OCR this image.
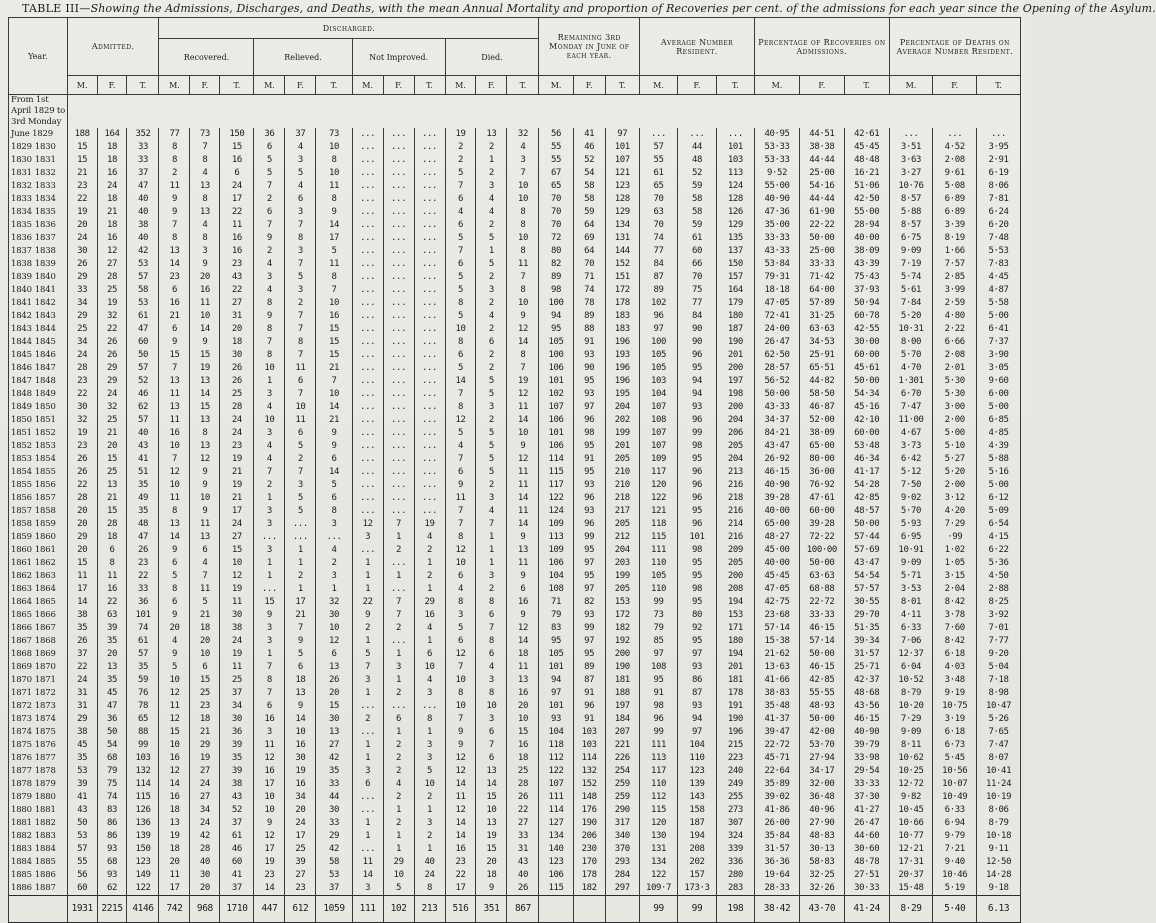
TABLE III—Showing the Admissions, Discharges, and Deaths, with the mean Annual Mortality and proportion of Recoveries per cent. of the admissions for each year since the Opening of the Asylum.
Year.	Admitted.			Discharged.												Remaining 3rd Monday in June of each year.			Average Number Resident.			Percentage of Recoveries on Admissions.			Percentage of Deaths on Average Number Resident.		
				Recovered.			Relieved.			Not Improved.			Died.														
	M.	F.	T.	M.	F.	T.	M.	F.	T.	M.	F.	T.	M.	F.	T.	M.	F.	T.	M.	F.	T.	M.	F.	T.	M.	F.	T.
From 1st																											
April 1829 to																											
3rd Monday																											
June 1829	188	164	352	77	73	150	36	37	73	...	...	...	19	13	32	56	41	97	...	...	...	40·95	44·51	42·61	...	...	...
1829 1830	15	18	33	8	7	15	6	4	10	...	...	...	2	2	4	55	46	101	57	44	101	53·33	38·38	45·45	3·51	4·52	3·95
1830 1831	15	18	33	8	8	16	5	3	8	...	...	...	2	1	3	55	52	107	55	48	103	53·33	44·44	48·48	3·63	2·08	2·91
1831 1832	21	16	37	2	4	6	5	5	10	...	...	...	5	2	7	67	54	121	61	52	113	9·52	25·00	16·21	3·27	9·61	6·19
1832 1833	23	24	47	11	13	24	7	4	11	...	...	...	7	3	10	65	58	123	65	59	124	55·00	54·16	51·06	10·76	5·08	8·06
1833 1834	22	18	40	9	8	17	2	6	8	...	...	...	6	4	10	70	58	128	70	58	128	40·90	44·44	42·50	8·57	6·89	7·81
1834 1835	19	21	40	9	13	22	6	3	9	...	...	...	4	4	8	70	59	129	63	58	126	47·36	61·90	55·00	5·88	6·89	6·24
1835 1836	20	18	38	7	4	11	7	7	14	...	...	...	6	2	8	70	64	134	70	59	129	35·00	22·22	28·94	8·57	3·39	6·20
1836 1837	24	16	40	8	8	16	9	8	17	...	...	...	5	5	10	72	69	131	74	61	135	33·33	50·00	40·00	6·75	8·19	7·48
1837 1838	30	12	42	13	3	16	2	3	5	...	...	...	7	1	8	80	64	144	77	60	137	43·33	25·00	38·09	9·09	1·66	5·53
1838 1839	26	27	53	14	9	23	4	7	11	...	...	...	6	5	11	82	70	152	84	66	150	53·84	33·33	43·39	7·19	7·57	7·83
1839 1840	29	28	57	23	20	43	3	5	8	...	...	...	5	2	7	89	71	151	87	70	157	79·31	71·42	75·43	5·74	2·85	4·45
1840 1841	33	25	58	6	16	22	4	3	7	...	...	...	5	3	8	98	74	172	89	75	164	18·18	64·00	37·93	5·61	3·99	4·87
1841 1842	34	19	53	16	11	27	8	2	10	...	...	...	8	2	10	100	78	178	102	77	179	47·05	57·89	50·94	7·84	2·59	5·58
1842 1843	29	32	61	21	10	31	9	7	16	...	...	...	5	4	9	94	89	183	96	84	180	72·41	31·25	60·78	5·20	4·80	5·00
1843 1844	25	22	47	6	14	20	8	7	15	...	...	...	10	2	12	95	88	183	97	90	187	24·00	63·63	42·55	10·31	2·22	6·41
1844 1845	34	26	60	9	9	18	7	8	15	...	...	...	8	6	14	105	91	196	100	90	190	26·47	34·53	30·00	8·00	6·66	7·37
1845 1846	24	26	50	15	15	30	8	7	15	...	...	...	6	2	8	100	93	193	105	96	201	62·50	25·91	60·00	5·70	2·08	3·90
1846 1847	28	29	57	7	19	26	10	11	21	...	...	...	5	2	7	106	90	196	105	95	200	28·57	65·51	45·61	4·70	2·01	3·05
1847 1848	23	29	52	13	13	26	1	6	7	...	...	...	14	5	19	101	95	196	103	94	197	56·52	44·82	50·00	1·301	5·30	9·60
1848 1849	22	24	46	11	14	25	3	7	10	...	...	...	7	5	12	102	93	195	104	94	198	50·00	58·50	54·34	6·70	5·30	6·00
1849 1850	30	32	62	13	15	28	4	10	14	...	...	...	8	3	11	107	97	204	107	93	200	43·33	46·87	45·16	7·47	3·00	5·00
1850 1851	32	25	57	11	13	24	10	11	21	...	...	...	12	2	14	106	96	202	108	96	204	34·37	52·00	42·10	11·00	2·00	6·85
1851 1852	19	21	40	16	8	24	3	6	9	...	...	...	5	5	10	101	98	199	107	99	206	84·21	38·09	60·00	4·67	5·00	4·85
1852 1853	23	20	43	10	13	23	4	5	9	...	...	...	4	5	9	106	95	201	107	98	205	43·47	65·00	53·48	3·73	5·10	4·39
1853 1854	26	15	41	7	12	19	4	2	6	...	...	...	7	5	12	114	91	205	109	95	204	26·92	80·00	46·34	6·42	5·27	5·88
1854 1855	26	25	51	12	9	21	7	7	14	...	...	...	6	5	11	115	95	210	117	96	213	46·15	36·00	41·17	5·12	5·20	5·16
1855 1856	22	13	35	10	9	19	2	3	5	...	...	...	9	2	11	117	93	210	120	96	216	40·90	76·92	54·28	7·50	2·00	5·00
1856 1857	28	21	49	11	10	21	1	5	6	...	...	...	11	3	14	122	96	218	122	96	218	39·28	47·61	42·85	9·02	3·12	6·12
1857 1858	20	15	35	8	9	17	3	5	8	...	...	...	7	4	11	124	93	217	121	95	216	40·00	60·00	48·57	5·70	4·20	5·09
1858 1859	20	28	48	13	11	24	3	...	3	12	7	19	7	7	14	109	96	205	118	96	214	65·00	39·28	50·00	5·93	7·29	6·54
1859 1860	29	18	47	14	13	27	...	...	...	3	1	4	8	1	9	113	99	212	115	101	216	48·27	72·22	57·44	6·95	·99	4·15
1860 1861	20	6	26	9	6	15	3	1	4	...	2	2	12	1	13	109	95	204	111	98	209	45·00	100·00	57·69	10·91	1·02	6·22
1861 1862	15	8	23	6	4	10	1	1	2	1	...	1	10	1	11	106	97	203	110	95	205	40·00	50·00	43·47	9·09	1·05	5·36
1862 1863	11	11	22	5	7	12	1	2	3	1	1	2	6	3	9	104	95	199	105	95	200	45·45	63·63	54·54	5·71	3·15	4·50
1863 1864	17	16	33	8	11	19	...	1	1	1	...	1	4	2	6	108	97	205	110	98	208	47·05	68·88	57·57	3·53	2·04	2·88
1864 1865	14	22	36	6	5	11	15	17	32	22	7	29	8	8	16	71	82	153	99	95	194	42·75	22·72	30·55	8·01	8·42	8·25
1865 1866	38	63	101	9	21	30	9	21	30	9	7	16	3	6	9	79	93	172	73	80	153	23·68	33·33	29·70	4·11	3·78	3·92
1866 1867	35	39	74	20	18	38	3	7	10	2	2	4	5	7	12	83	99	182	79	92	171	57·14	46·15	51·35	6·33	7·60	7·01
1867 1868	26	35	61	4	20	24	3	9	12	1	...	1	6	8	14	95	97	192	85	95	180	15·38	57·14	39·34	7·06	8·42	7·77
1868 1869	37	20	57	9	10	19	1	5	6	5	1	6	12	6	18	105	95	200	97	97	194	21·62	50·00	31·57	12·37	6·18	9·20
1869 1870	22	13	35	5	6	11	7	6	13	7	3	10	7	4	11	101	89	190	108	93	201	13·63	46·15	25·71	6·04	4·03	5·04
1870 1871	24	35	59	10	15	25	8	18	26	3	1	4	10	3	13	94	87	181	95	86	181	41·66	42·85	42·37	10·52	3·48	7·18
1871 1872	31	45	76	12	25	37	7	13	20	1	2	3	8	8	16	97	91	188	91	87	178	38·83	55·55	48·68	8·79	9·19	8·98
1872 1873	31	47	78	11	23	34	6	9	15	...	...	...	10	10	20	101	96	197	98	93	191	35·48	48·93	43·56	10·20	10·75	10·47
1873 1874	29	36	65	12	18	30	16	14	30	2	6	8	7	3	10	93	91	184	96	94	190	41·37	50·00	46·15	7·29	3·19	5·26
1874 1875	38	50	88	15	21	36	3	10	13	...	1	1	9	6	15	104	103	207	99	97	196	39·47	42·00	40·90	9·09	6·18	7·65
1875 1876	45	54	99	10	29	39	11	16	27	1	2	3	9	7	16	118	103	221	111	104	215	22·72	53·70	39·79	8·11	6·73	7·47
1876 1877	35	68	103	16	19	35	12	30	42	1	2	3	12	6	18	112	114	226	113	110	223	45·71	27·94	33·98	10·62	5·45	8·07
1877 1878	53	79	132	12	27	39	16	19	35	3	2	5	12	13	25	122	132	254	117	123	240	22·64	34·17	29·54	10·25	10·56	10·41
1878 1879	39	75	114	14	24	38	17	16	33	6	4	10	14	14	28	107	152	259	110	139	249	35·89	32·00	33·33	12·72	10·07	11·24
1879 1880	41	74	115	16	27	43	10	34	44	...	2	2	11	15	26	111	148	259	112	143	255	39·02	36·48	37·30	9·82	10·49	10·19
1880 1881	43	83	126	18	34	52	10	20	30	...	1	1	12	10	22	114	176	290	115	158	273	41·86	40·96	41·27	10·45	6·33	8·06
1881 1882	50	86	136	13	24	37	9	24	33	1	2	3	14	13	27	127	190	317	120	187	307	26·00	27·90	26·47	10·66	6·94	8·79
1882 1883	53	86	139	19	42	61	12	17	29	1	1	2	14	19	33	134	206	340	130	194	324	35·84	48·83	44·60	10·77	9·79	10·18
1883 1884	57	93	150	18	28	46	17	25	42	...	1	1	16	15	31	140	230	370	131	208	339	31·57	30·13	30·60	12·21	7·21	9·11
1884 1885	55	68	123	20	40	60	19	39	58	11	29	40	23	20	43	123	170	293	134	202	336	36·36	58·83	48·78	17·31	9·40	12·50
1885 1886	56	93	149	11	30	41	23	27	53	14	10	24	22	18	40	106	178	284	122	157	280	19·64	32·25	27·51	20·37	10·46	14·28
1886 1887	60	62	122	17	20	37	14	23	37	3	5	8	17	9	26	115	182	297	109·7	173·3	283	28·33	32·26	30·33	15·48	5·19	9·18
	1931	2215	4146	742	968	1710	447	612	1059	111	102	213	516	351	867				99	99	198	38·42	43·70	41·24	8·29	5·40	6.13
